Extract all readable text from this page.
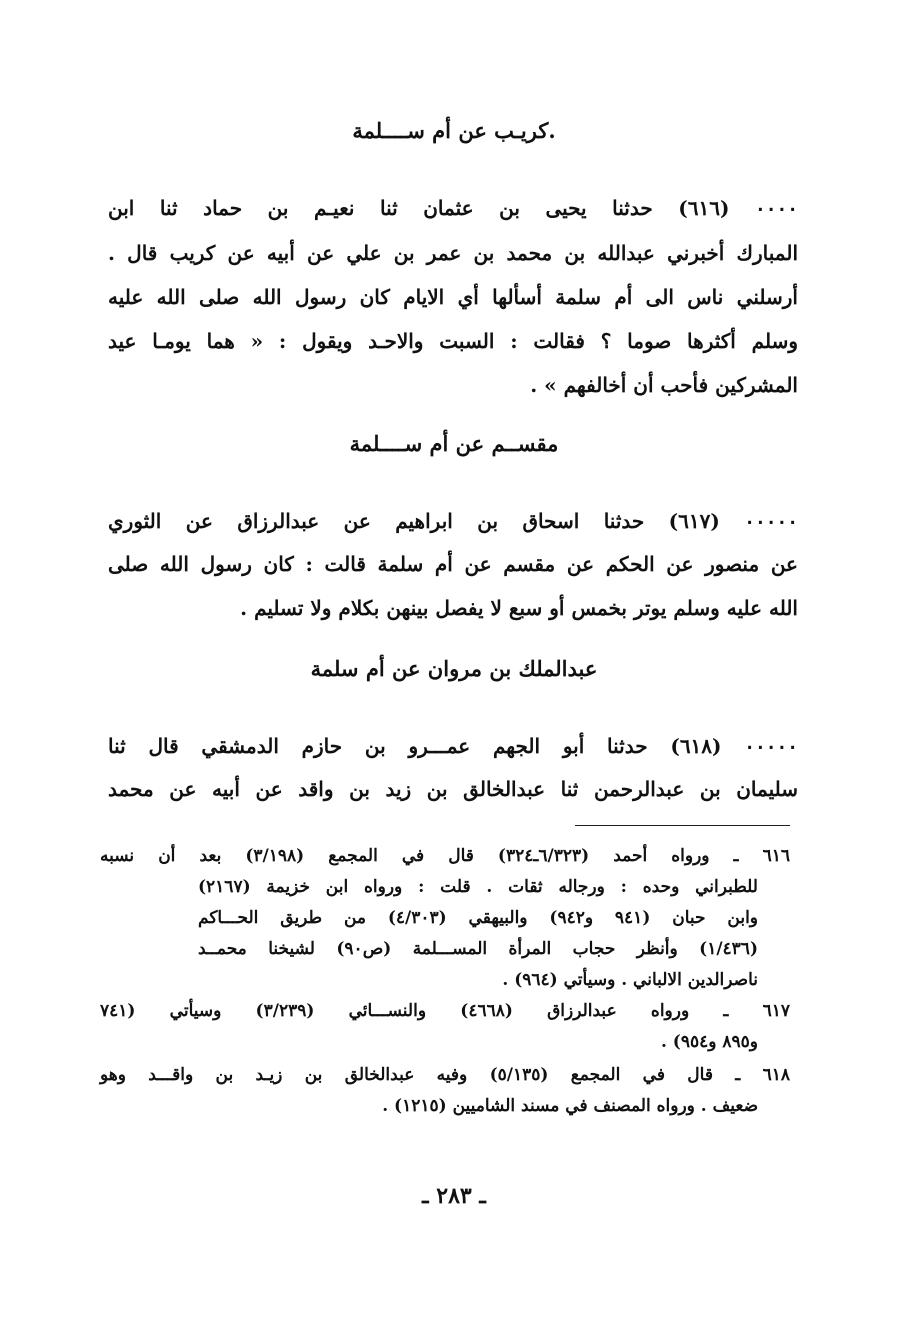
.كريـب عن أم ســــلمة
٠٠٠٠ (٦١٦) حدثنا يحيى بن عثمان ثنا نعيـم بن حماد ثنا ابن
المبارك أخبرني عبدالله بن محمد بن عمر بن علي عن أبيه عن كريب قال .
أرسلني ناس الى أم سلمة أسألها أي الايام كان رسول الله صلى الله عليه
وسلم أكثرها صوما ؟ فقالت : السبت والاحـد ويقول : « هما يومـا عيد
المشركين فأحب أن أخالفهم » .
مقســم عن أم ســــلمة
٠٠٠٠٠ (٦١٧) حدثنا اسحاق بن ابراهيم عن عبدالرزاق عن الثوري
عن منصور عن الحكم عن مقسم عن أم سلمة قالت : كان رسول الله صلى
الله عليه وسلم يوتر بخمس أو سبع لا يفصل بينهن بكلام ولا تسليم .
عبدالملك بن مروان عن أم سلمة
٠٠٠٠٠ (٦١٨) حدثنا أبو الجهم عمـــرو بن حازم الدمشقي قال ثنا
سليمان بن عبدالرحمن ثنا عبدالخالق بن زيد بن واقد عن أبيه عن محمد
٦١٦ ـ ورواه أحمد (٦/٣٢٣ـ٣٢٤) قال في المجمع (٣/١٩٨) بعد أن نسبه
للطبراني وحده : ورجاله ثقات . قلت : ورواه ابن خزيمة (٢١٦٧)
وابن حبان (٩٤١ و٩٤٢) والبيهقي (٤/٣٠٣) من طريق الحـــاكم
(١/٤٣٦) وأنظر حجاب المرأة المســـلمة (ص٩٠) لشيخنا محمــد
ناصرالدين الالباني . وسيأتي (٩٦٤) .
٦١٧ ـ ورواه عبدالرزاق (٤٦٦٨) والنســـائي (٣/٢٣٩) وسيأتي (٧٤١
و٨٩٥ و٩٥٤) .
٦١٨ ـ قال في المجمع (٥/١٣٥) وفيه عبدالخالق بن زيـد بن واقـــد وهو
ضعيف . ورواه المصنف في مسند الشاميين (١٢١٥) .
ـ ٢٨٣ ـ
